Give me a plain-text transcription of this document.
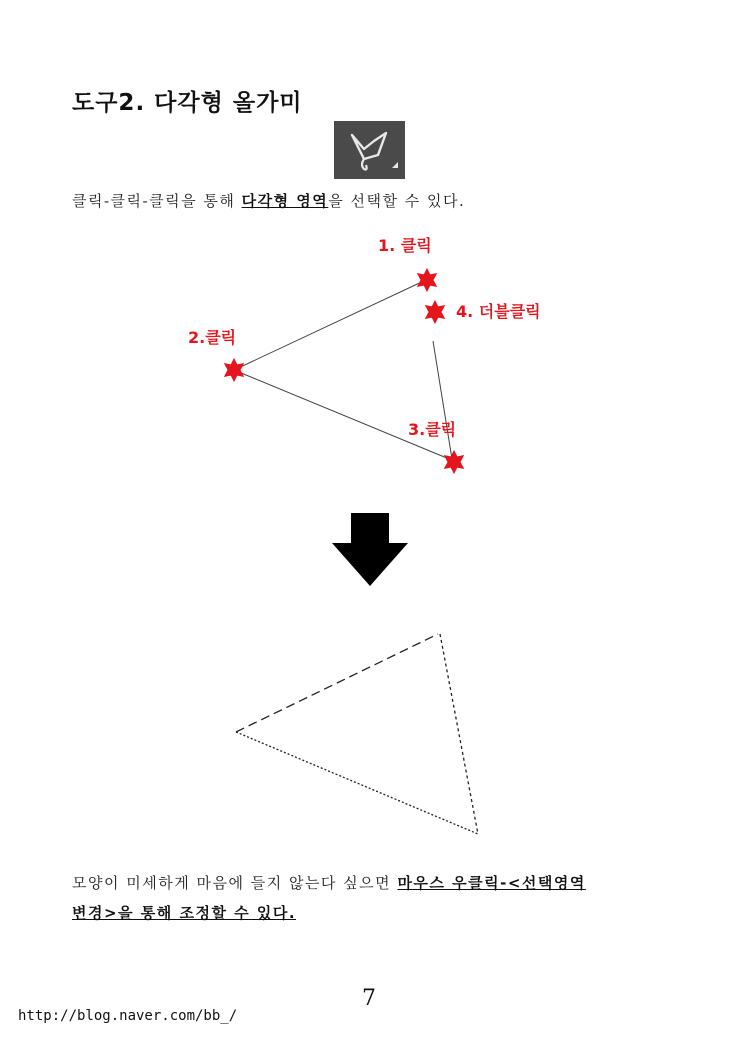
도구2. 다각형 올가미
클릭-클릭-클릭을 통해 다각형 영역을 선택할 수 있다.
1. 클릭
2.클릭
3.클릭
4. 더블클릭
모양이 미세하게 마음에 들지 않는다 싶으면 마우스 우클릭-<선택영역
변경>을 통해 조정할 수 있다.
7
http://blog.naver.com/bb_/
